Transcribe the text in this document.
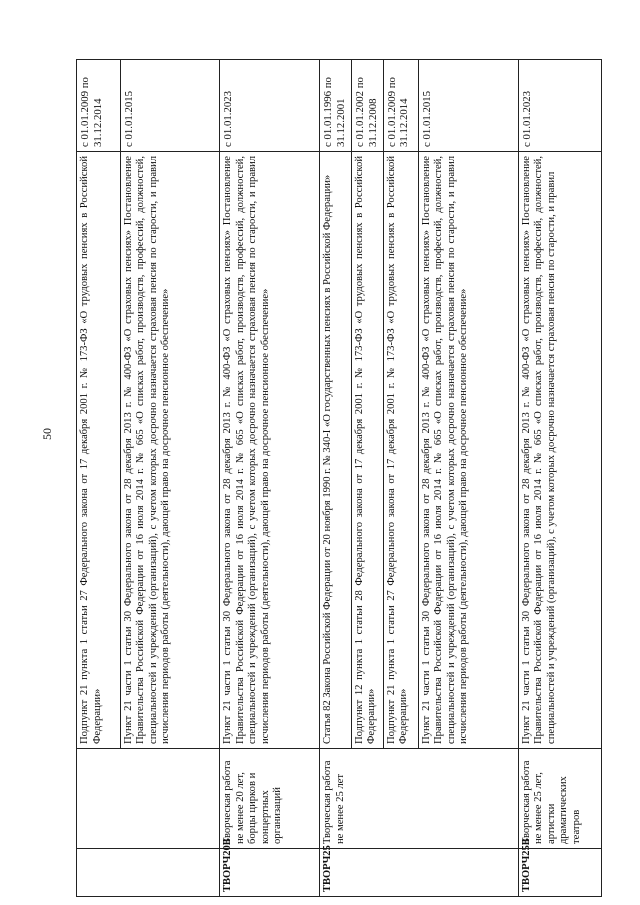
50
		Подпункт 21 пункта 1 статьи 27 Федерального закона от 17 декабря 2001 г. № 173-ФЗ «О трудовых пенсиях в Российской Федерации»	с 01.01.2009 по 31.12.2014
		Пункт 21 части 1 статьи 30 Федерального закона от 28 декабря 2013 г. № 400-ФЗ «О страховых пенсиях» Постановление Правительства Российской Федерации от 16 июля 2014 г. № 665 «О списках работ, производств, профессий, должностей, специальностей и учреждений (организаций), с учетом которых досрочно назначается страховая пенсия по старости, и правил исчисления периодов работы (деятельности), дающей право на досрочное пенсионное обеспечение»	с 01.01.2015
ТВОРЧ20В	Творческая работа не менее 20 лет, борцы цирков и концертных организаций	Пункт 21 части 1 статьи 30 Федерального закона от 28 декабря 2013 г. № 400-ФЗ «О страховых пенсиях» Постановление Правительства Российской Федерации от 16 июля 2014 г. № 665 «О списках работ, производств, профессий, должностей, специальностей и учреждений (организаций), с учетом которых досрочно назначается страховая пенсия по старости, и правил исчисления периодов работы (деятельности), дающей право на досрочное пенсионное обеспечение»	с 01.01.2023
ТВОРЧ25	Творческая работа не менее 25 лет	Статья 82 Закона Российской Федерации от 20 ноября 1990 г. № 340-I «О государственных пенсиях в Российской Федерации»	с 01.01.1996 по 31.12.2001
		Подпункт 12 пункта 1 статьи 28 Федерального закона от 17 декабря 2001 г. № 173-ФЗ «О трудовых пенсиях в Российской Федерации»	с 01.01.2002 по 31.12.2008
		Подпункт 21 пункта 1 статьи 27 Федерального закона от 17 декабря 2001 г. № 173-ФЗ «О трудовых пенсиях в Российской Федерации»	с 01.01.2009 по 31.12.2014
		Пункт 21 части 1 статьи 30 Федерального закона от 28 декабря 2013 г. № 400-ФЗ «О страховых пенсиях» Постановление Правительства Российской Федерации от 16 июля 2014 г. № 665 «О списках работ, производств, профессий, должностей, специальностей и учреждений (организаций), с учетом которых досрочно назначается страховая пенсия по старости, и правил исчисления периодов работы (деятельности), дающей право на досрочное пенсионное обеспечение»	с 01.01.2015
ТВОРЧ25В	Творческая работа не менее 25 лет, артистки драматических театров	Пункт 21 части 1 статьи 30 Федерального закона от 28 декабря 2013 г. № 400-ФЗ «О страховых пенсиях» Постановление Правительства Российской Федерации от 16 июля 2014 г. № 665 «О списках работ, производств, профессий, должностей, специальностей и учреждений (организаций), с учетом которых досрочно назначается страховая пенсия по старости, и правил	с 01.01.2023
